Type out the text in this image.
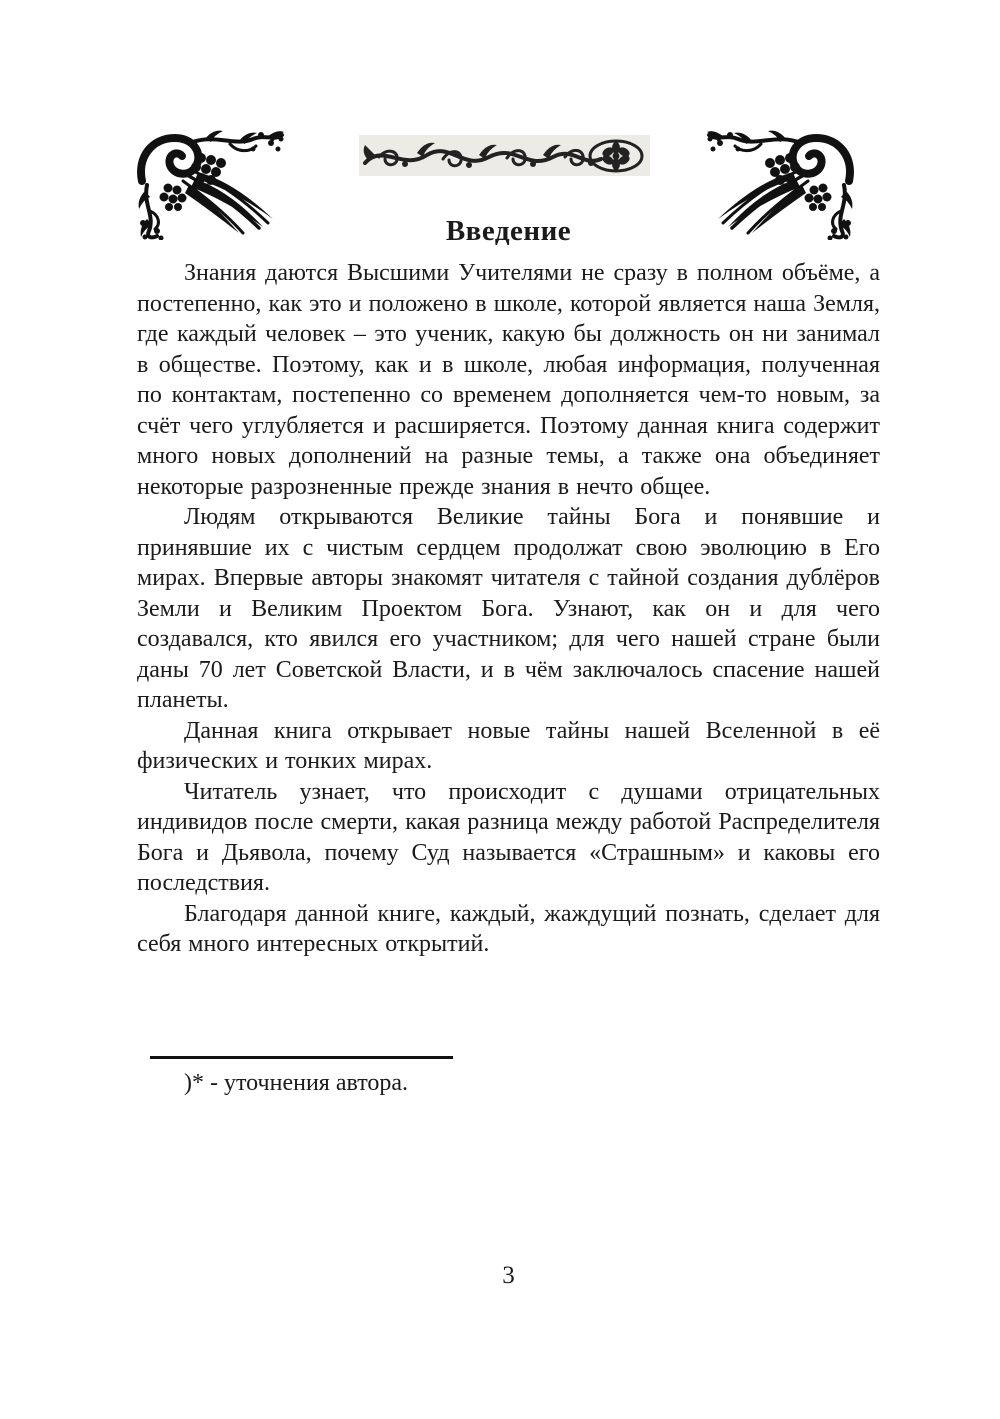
Введение

Знания даются Высшими Учителями не сразу в полном объёме, а постепенно, как это и положено в школе, которой является наша Земля, где каждый человек – это ученик, какую бы должность он ни занимал в обществе. Поэтому, как и в школе, любая информация, полученная по контактам, постепенно со временем дополняется чем-то новым, за счёт чего углубляется и расширяется. Поэтому данная книга содержит много новых дополнений на разные темы, а также она объединяет некоторые разрозненные прежде знания в нечто общее.

Людям открываются Великие тайны Бога и понявшие и принявшие их с чистым сердцем продолжат свою эволюцию в Его мирах. Впервые авторы знакомят читателя с тайной создания дублёров Земли и Великим Проектом Бога. Узнают, как он и для чего создавался, кто явился его участником; для чего нашей стране были даны 70 лет Советской Власти, и в чём заключалось спасение нашей планеты.

Данная книга открывает новые тайны нашей Вселенной в её физических и тонких мирах.

Читатель узнает, что происходит с душами отрицательных индивидов после смерти, какая разница между работой Распределителя Бога и Дьявола, почему Суд называется «Страшным» и каковы его последствия.

Благодаря данной книге, каждый, жаждущий познать, сделает для себя много интересных открытий.

)* - уточнения автора.

3
